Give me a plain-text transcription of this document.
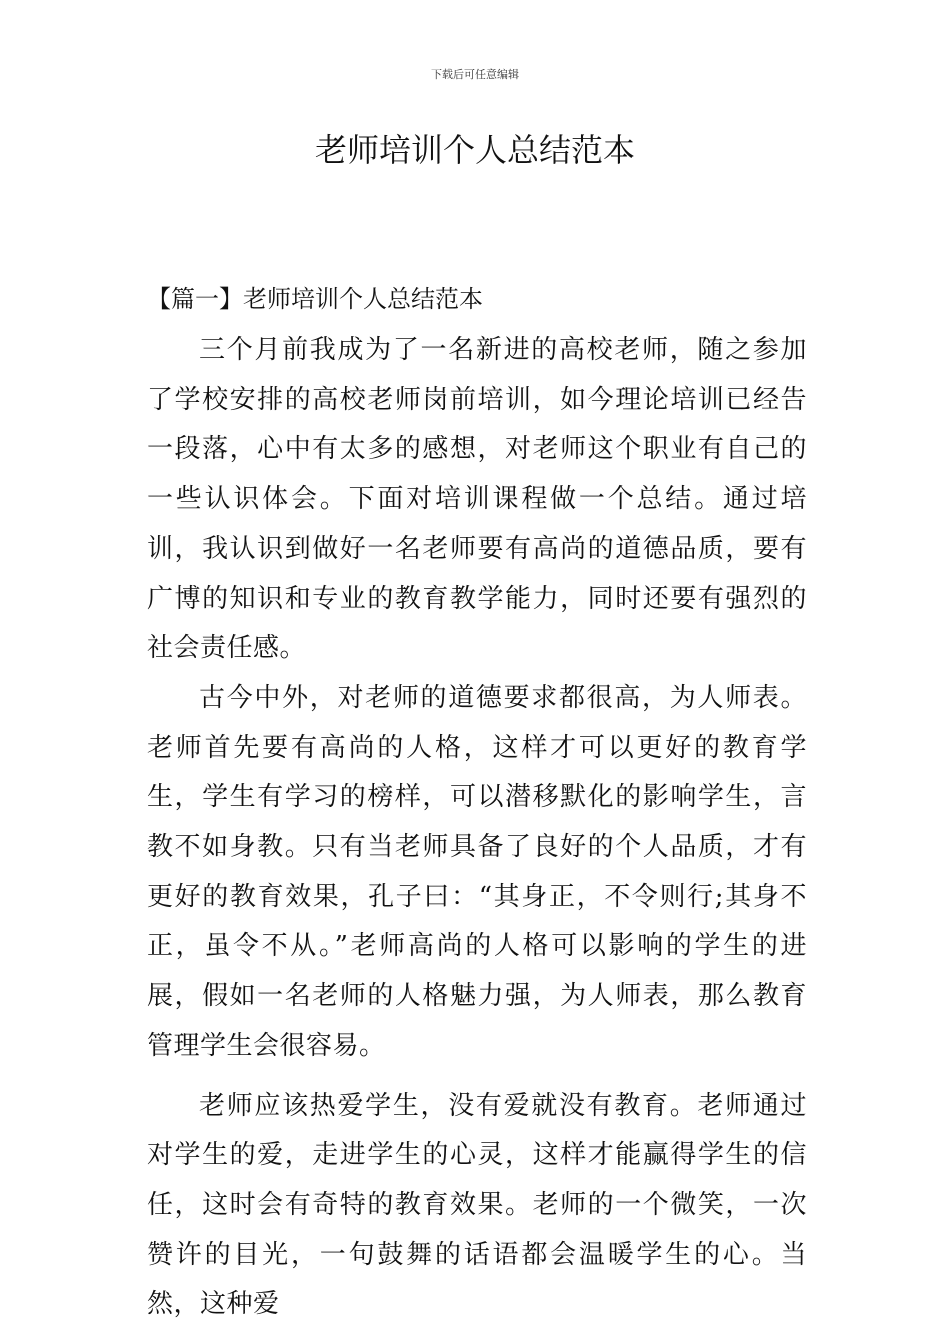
下载后可任意编辑
老师培训个人总结范本
【篇一】老师培训个人总结范本

三个月前我成为了一名新进的高校老师，随之参加了学校安排的高校老师岗前培训，如今理论培训已经告一段落，心中有太多的感想，对老师这个职业有自己的一些认识体会。下面对培训课程做一个总结。通过培训，我认识到做好一名老师要有高尚的道德品质，要有广博的知识和专业的教育教学能力，同时还要有强烈的社会责任感。

古今中外，对老师的道德要求都很高，为人师表。老师首先要有高尚的人格，这样才可以更好的教育学生，学生有学习的榜样，可以潜移默化的影响学生，言教不如身教。只有当老师具备了良好的个人品质，才有更好的教育效果，孔子曰：“其身正，不令则行;其身不正，虽令不从。”老师高尚的人格可以影响的学生的进展，假如一名老师的人格魅力强，为人师表，那么教育管理学生会很容易。

老师应该热爱学生，没有爱就没有教育。老师通过对学生的爱，走进学生的心灵，这样才能赢得学生的信任，这时会有奇特的教育效果。老师的一个微笑，一次赞许的目光，一句鼓舞的话语都会温暖学生的心。当然，这种爱
